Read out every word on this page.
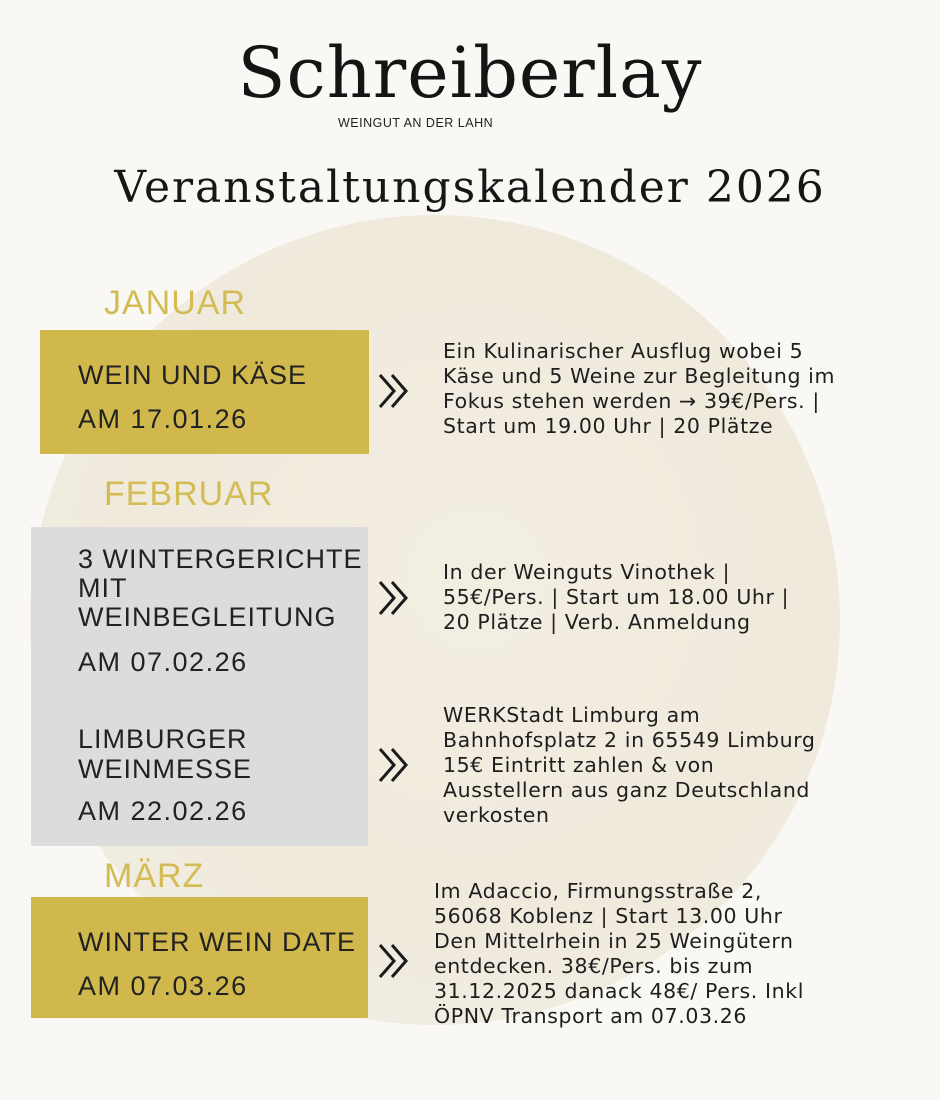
Schreiberlay
WEINGUT AN DER LAHN
Veranstaltungskalender 2026
JANUAR
WEIN UND KÄSE
AM 17.01.26
Ein Kulinarischer Ausflug wobei 5
Käse und 5 Weine zur Begleitung im
Fokus stehen werden → 39€/Pers. |
Start um 19.00 Uhr | 20 Plätze
FEBRUAR
3 WINTERGERICHTE
MIT
WEINBEGLEITUNG
AM 07.02.26
In der Weinguts Vinothek |
55€/Pers. | Start um 18.00 Uhr |
20 Plätze | Verb. Anmeldung
LIMBURGER
WEINMESSE
AM 22.02.26
WERKStadt Limburg am
Bahnhofsplatz 2 in 65549 Limburg
15€ Eintritt zahlen & von
Ausstellern aus ganz Deutschland
verkosten
MÄRZ
WINTER WEIN DATE
AM 07.03.26
Im Adaccio, Firmungsstraße 2,
56068 Koblenz | Start 13.00 Uhr
Den Mittelrhein in 25 Weingütern
entdecken. 38€/Pers. bis zum
31.12.2025 danack 48€/ Pers. Inkl
ÖPNV Transport am 07.03.26
